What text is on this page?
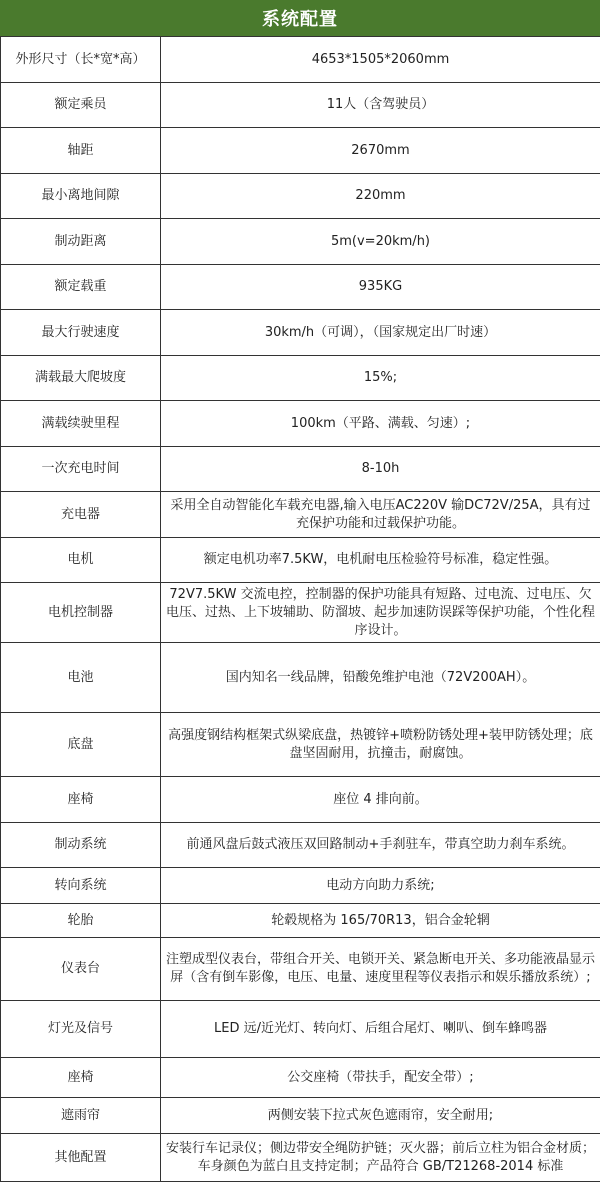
系统配置
外形尺寸（长*宽*高）	4653*1505*2060mm
额定乘员	11人（含驾驶员）
轴距	2670mm
最小离地间隙	220mm
制动距离	5m(v=20km/h)
额定载重	935KG
最大行驶速度	30km/h（可调），（国家规定出厂时速）
满载最大爬坡度	15%;
满载续驶里程	100km（平路、满载、匀速）;
一次充电时间	8-10h
充电器	采用全自动智能化车载充电器,输入电压AC220V 输DC72V/25A，具有过充保护功能和过载保护功能。
电机	额定电机功率7.5KW，电机耐电压检验符号标准，稳定性强。
电机控制器	72V7.5KW 交流电控，控制器的保护功能具有短路、过电流、过电压、欠电压、过热、上下坡辅助、防溜坡、起步加速防误踩等保护功能，个性化程序设计。
电池	国内知名一线品牌，铅酸免维护电池（72V200AH）。
底盘	高强度钢结构框架式纵梁底盘，热镀锌+喷粉防锈处理+装甲防锈处理；底盘坚固耐用，抗撞击，耐腐蚀。
座椅	座位 4 排向前。
制动系统	前通风盘后鼓式液压双回路制动+手刹驻车，带真空助力刹车系统。
转向系统	电动方向助力系统;
轮胎	轮毂规格为 165/70R13，铝合金轮辋
仪表台	注塑成型仪表台，带组合开关、电锁开关、紧急断电开关、多功能液晶显示屏（含有倒车影像，电压、电量、速度里程等仪表指示和娱乐播放系统）;
灯光及信号	LED 远/近光灯、转向灯、后组合尾灯、喇叭、倒车蜂鸣器
座椅	公交座椅（带扶手，配安全带）;
遮雨帘	两侧安装下拉式灰色遮雨帘，安全耐用;
其他配置	安装行车记录仪；侧边带安全绳防护链；灭火器；前后立柱为铝合金材质；车身颜色为蓝白且支持定制；产品符合 GB/T21268-2014 标准
